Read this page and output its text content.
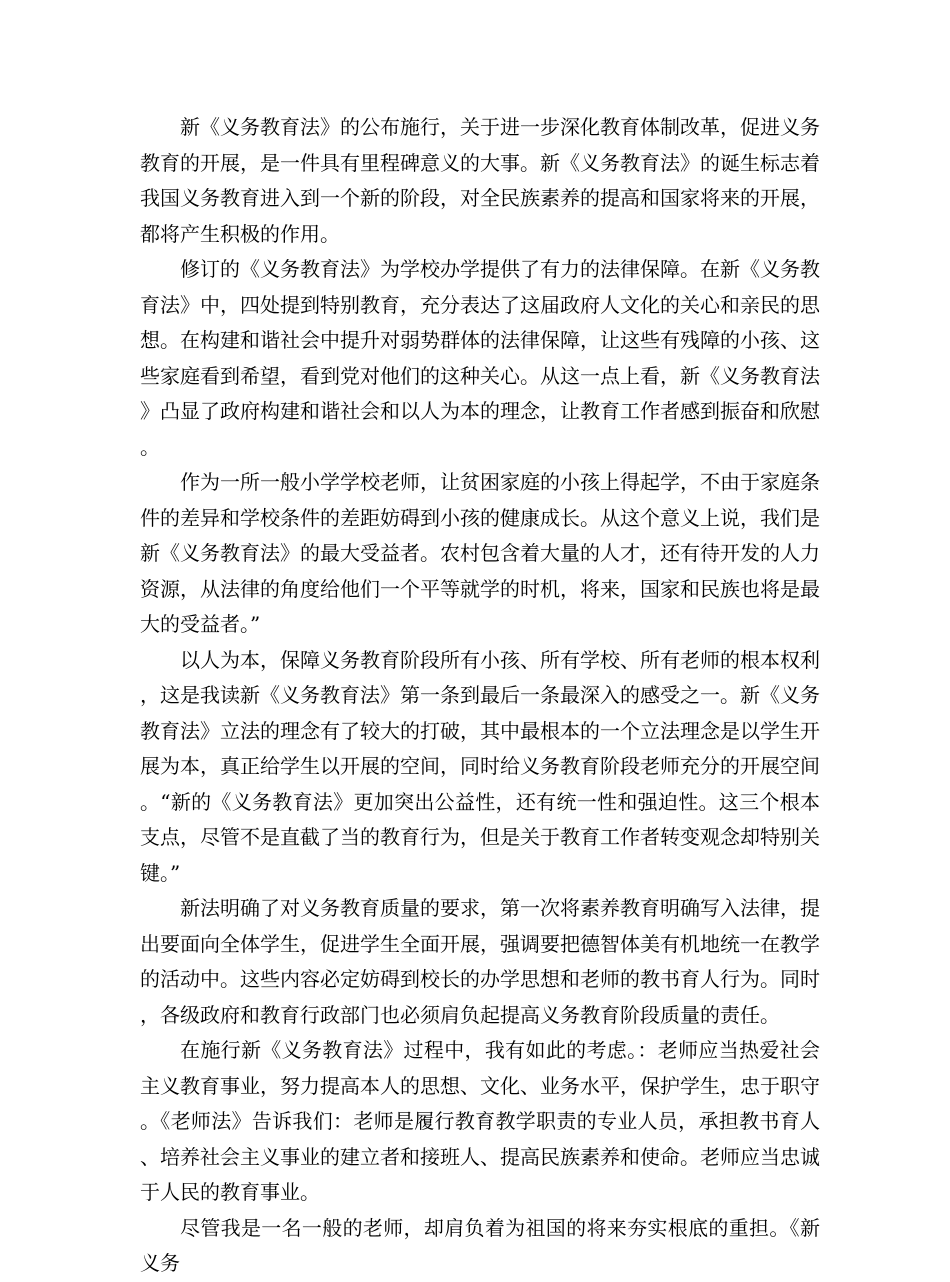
新《义务教育法》的公布施行，关于进一步深化教育体制改革，促进义务教育的开展，是一件具有里程碑意义的大事。新《义务教育法》的诞生标志着我国义务教育进入到一个新的阶段，对全民族素养的提高和国家将来的开展，都将产生积极的作用。

修订的《义务教育法》为学校办学提供了有力的法律保障。在新《义务教育法》中，四处提到特别教育，充分表达了这届政府人文化的关心和亲民的思想。在构建和谐社会中提升对弱势群体的法律保障，让这些有残障的小孩、这些家庭看到希望，看到党对他们的这种关心。从这一点上看，新《义务教育法》凸显了政府构建和谐社会和以人为本的理念，让教育工作者感到振奋和欣慰。

作为一所一般小学学校老师，让贫困家庭的小孩上得起学，不由于家庭条件的差异和学校条件的差距妨碍到小孩的健康成长。从这个意义上说，我们是新《义务教育法》的最大受益者。农村包含着大量的人才，还有待开发的人力资源，从法律的角度给他们一个平等就学的时机，将来，国家和民族也将是最大的受益者。”

以人为本，保障义务教育阶段所有小孩、所有学校、所有老师的根本权利，这是我读新《义务教育法》第一条到最后一条最深入的感受之一。新《义务教育法》立法的理念有了较大的打破，其中最根本的一个立法理念是以学生开展为本，真正给学生以开展的空间，同时给义务教育阶段老师充分的开展空间。“新的《义务教育法》更加突出公益性，还有统一性和强迫性。这三个根本支点，尽管不是直截了当的教育行为，但是关于教育工作者转变观念却特别关键。”

新法明确了对义务教育质量的要求，第一次将素养教育明确写入法律，提出要面向全体学生，促进学生全面开展，强调要把德智体美有机地统一在教学的活动中。这些内容必定妨碍到校长的办学思想和老师的教书育人行为。同时，各级政府和教育行政部门也必须肩负起提高义务教育阶段质量的责任。

在施行新《义务教育法》过程中，我有如此的考虑。：老师应当热爱社会主义教育事业，努力提高本人的思想、文化、业务水平，保护学生，忠于职守。《老师法》告诉我们：老师是履行教育教学职责的专业人员，承担教书育人、培养社会主义事业的建立者和接班人、提高民族素养和使命。老师应当忠诚于人民的教育事业。

尽管我是一名一般的老师，却肩负着为祖国的将来夯实根底的重担。《新义务
